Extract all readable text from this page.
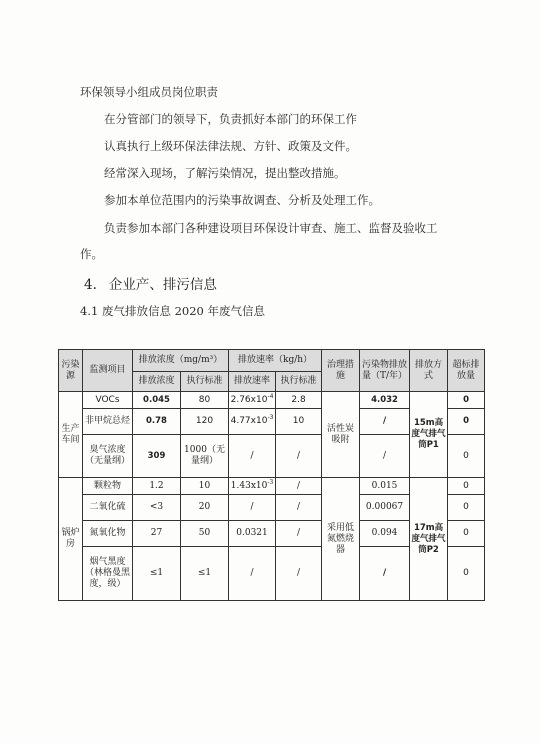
环保领导小组成员岗位职责
在分管部门的领导下，负责抓好本部门的环保工作
认真执行上级环保法律法规、方针、政策及文件。
经常深入现场，了解污染情况，提出整改措施。
参加本单位范围内的污染事故调查、分析及处理工作。
负责参加本部门各种建设项目环保设计审查、施工、监督及验收工
作。
4. 企业产、排污信息
4.1 废气排放信息 2020 年废气信息
污染源	监测项目	排放浓度（mg/m³）		排放速率（kg/h）		治理措施	污染物排放量（T/年）	排放方式	超标排放量
		排放浓度	执行标准	排放速率	执行标准				
生产车间	VOCs	0.045	80	$2.76x10^{-4}$	2.8	活性炭吸附	4.032	15m高度气排气筒P1	0
	非甲烷总烃	0.78	120	$4.77x10^{-3}$	10		/		0
	臭气浓度（无量纲）	309	1000（无量纲）	/	/		/		0
锅炉房	颗粒物	1.2	10	$1.43x10^{-3}$	/	采用低氮燃烧器	0.015	17m高度气排气筒P2	0
	二氧化硫	<3	20	/	/		0.00067		0
	氮氧化物	27	50	0.0321	/		0.094		0
	烟气黑度（林格曼黑度，级）	≤1	≤1	/	/		/		0
